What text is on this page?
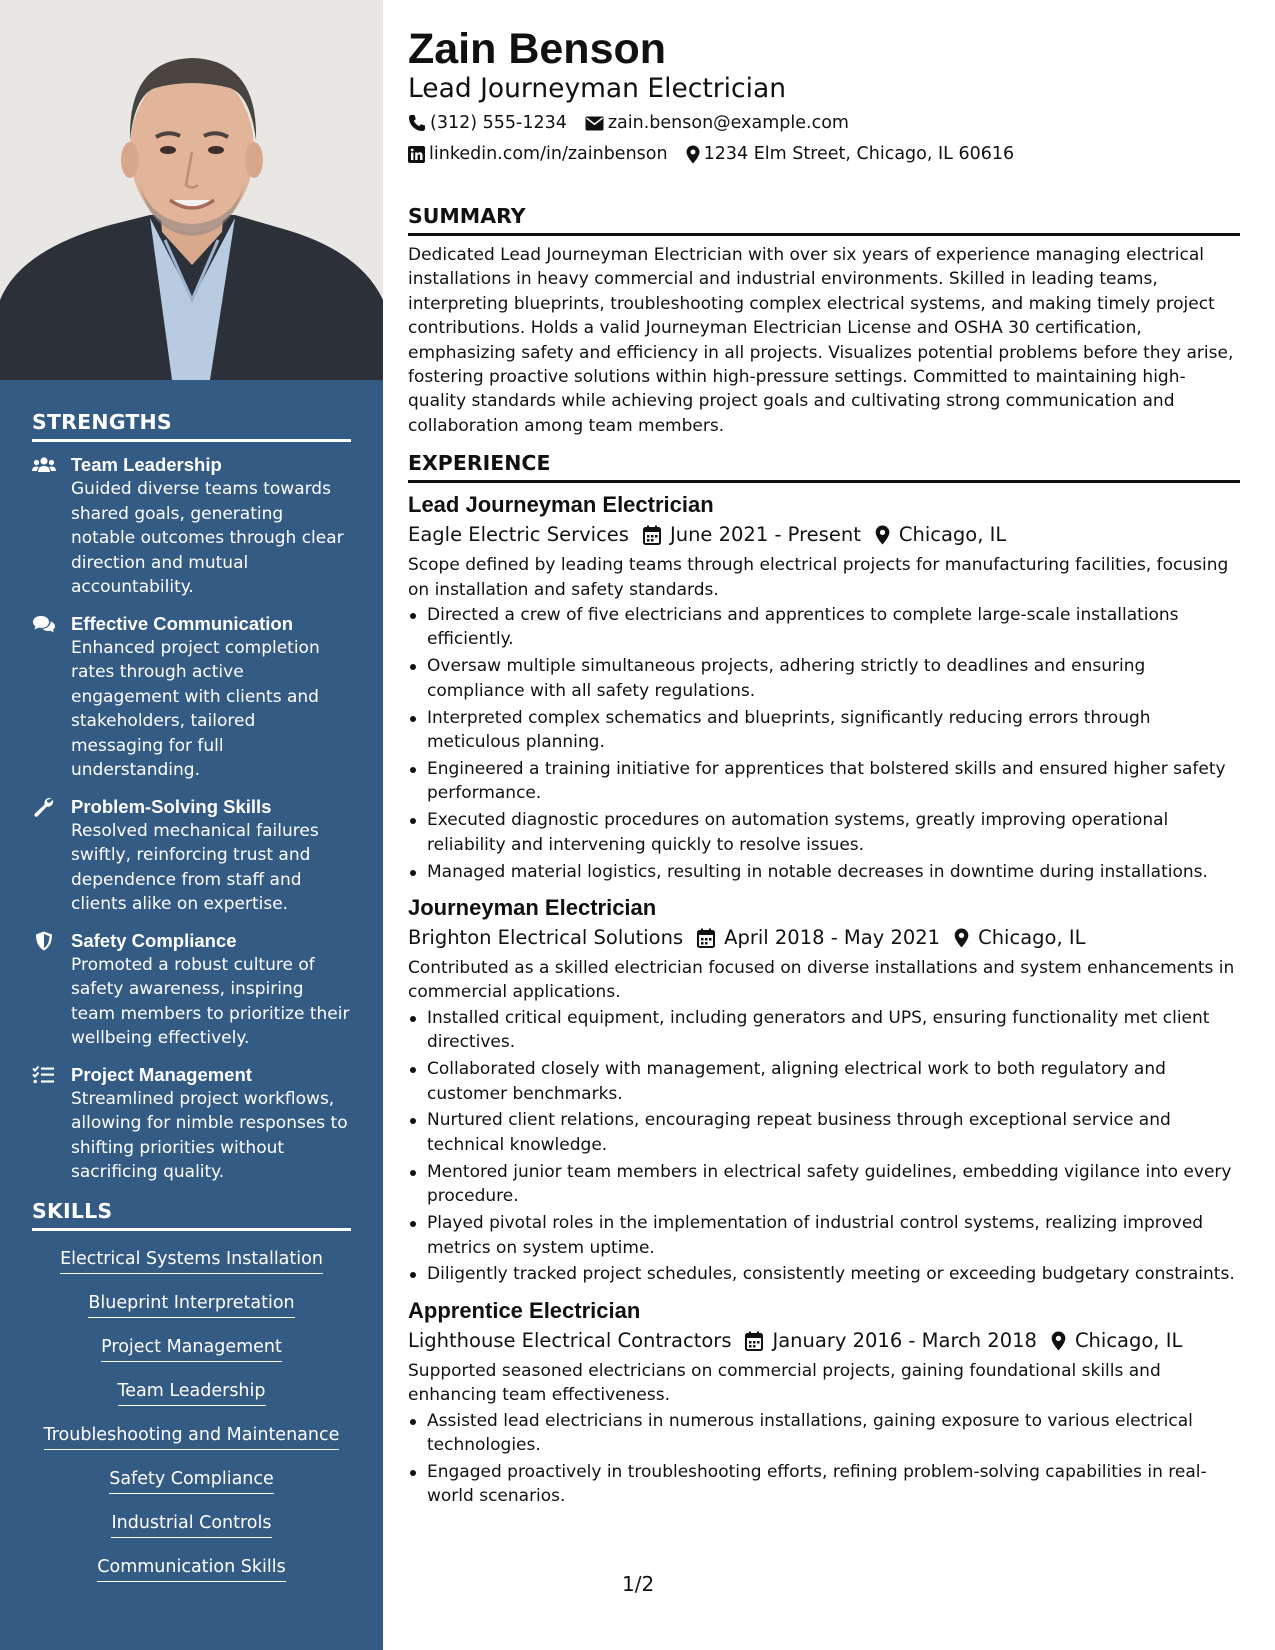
STRENGTHS
Team Leadership
Guided diverse teams towards shared goals, generating notable outcomes through clear direction and mutual accountability.
Effective Communication
Enhanced project completion rates through active engagement with clients and stakeholders, tailored messaging for full understanding.
Problem-Solving Skills
Resolved mechanical failures swiftly, reinforcing trust and dependence from staff and clients alike on expertise.
Safety Compliance
Promoted a robust culture of safety awareness, inspiring team members to prioritize their wellbeing effectively.
Project Management
Streamlined project workflows, allowing for nimble responses to shifting priorities without sacrificing quality.
SKILLS
Electrical Systems Installation
Blueprint Interpretation
Project Management
Team Leadership
Troubleshooting and Maintenance
Safety Compliance
Industrial Controls
Communication Skills
Zain Benson
Lead Journeyman Electrician
(312) 555-1234 zain.benson@example.com
linkedin.com/in/zainbenson 1234 Elm Street, Chicago, IL 60616
SUMMARY
Dedicated Lead Journeyman Electrician with over six years of experience managing electrical installations in heavy commercial and industrial environments. Skilled in leading teams, interpreting blueprints, troubleshooting complex electrical systems, and making timely project contributions. Holds a valid Journeyman Electrician License and OSHA 30 certification, emphasizing safety and efficiency in all projects. Visualizes potential problems before they arise, fostering proactive solutions within high-pressure settings. Committed to maintaining high-quality standards while achieving project goals and cultivating strong communication and collaboration among team members.
EXPERIENCE
Lead Journeyman Electrician
Eagle Electric Services June 2021 - Present Chicago, IL
Scope defined by leading teams through electrical projects for manufacturing facilities, focusing on installation and safety standards.
Directed a crew of five electricians and apprentices to complete large-scale installations efficiently.
Oversaw multiple simultaneous projects, adhering strictly to deadlines and ensuring compliance with all safety regulations.
Interpreted complex schematics and blueprints, significantly reducing errors through meticulous planning.
Engineered a training initiative for apprentices that bolstered skills and ensured higher safety performance.
Executed diagnostic procedures on automation systems, greatly improving operational reliability and intervening quickly to resolve issues.
Managed material logistics, resulting in notable decreases in downtime during installations.
Journeyman Electrician
Brighton Electrical Solutions April 2018 - May 2021 Chicago, IL
Contributed as a skilled electrician focused on diverse installations and system enhancements in commercial applications.
Installed critical equipment, including generators and UPS, ensuring functionality met client directives.
Collaborated closely with management, aligning electrical work to both regulatory and customer benchmarks.
Nurtured client relations, encouraging repeat business through exceptional service and technical knowledge.
Mentored junior team members in electrical safety guidelines, embedding vigilance into every procedure.
Played pivotal roles in the implementation of industrial control systems, realizing improved metrics on system uptime.
Diligently tracked project schedules, consistently meeting or exceeding budgetary constraints.
Apprentice Electrician
Lighthouse Electrical Contractors January 2016 - March 2018 Chicago, IL
Supported seasoned electricians on commercial projects, gaining foundational skills and enhancing team effectiveness.
Assisted lead electricians in numerous installations, gaining exposure to various electrical technologies.
Engaged proactively in troubleshooting efforts, refining problem-solving capabilities in real-world scenarios.
1/2
